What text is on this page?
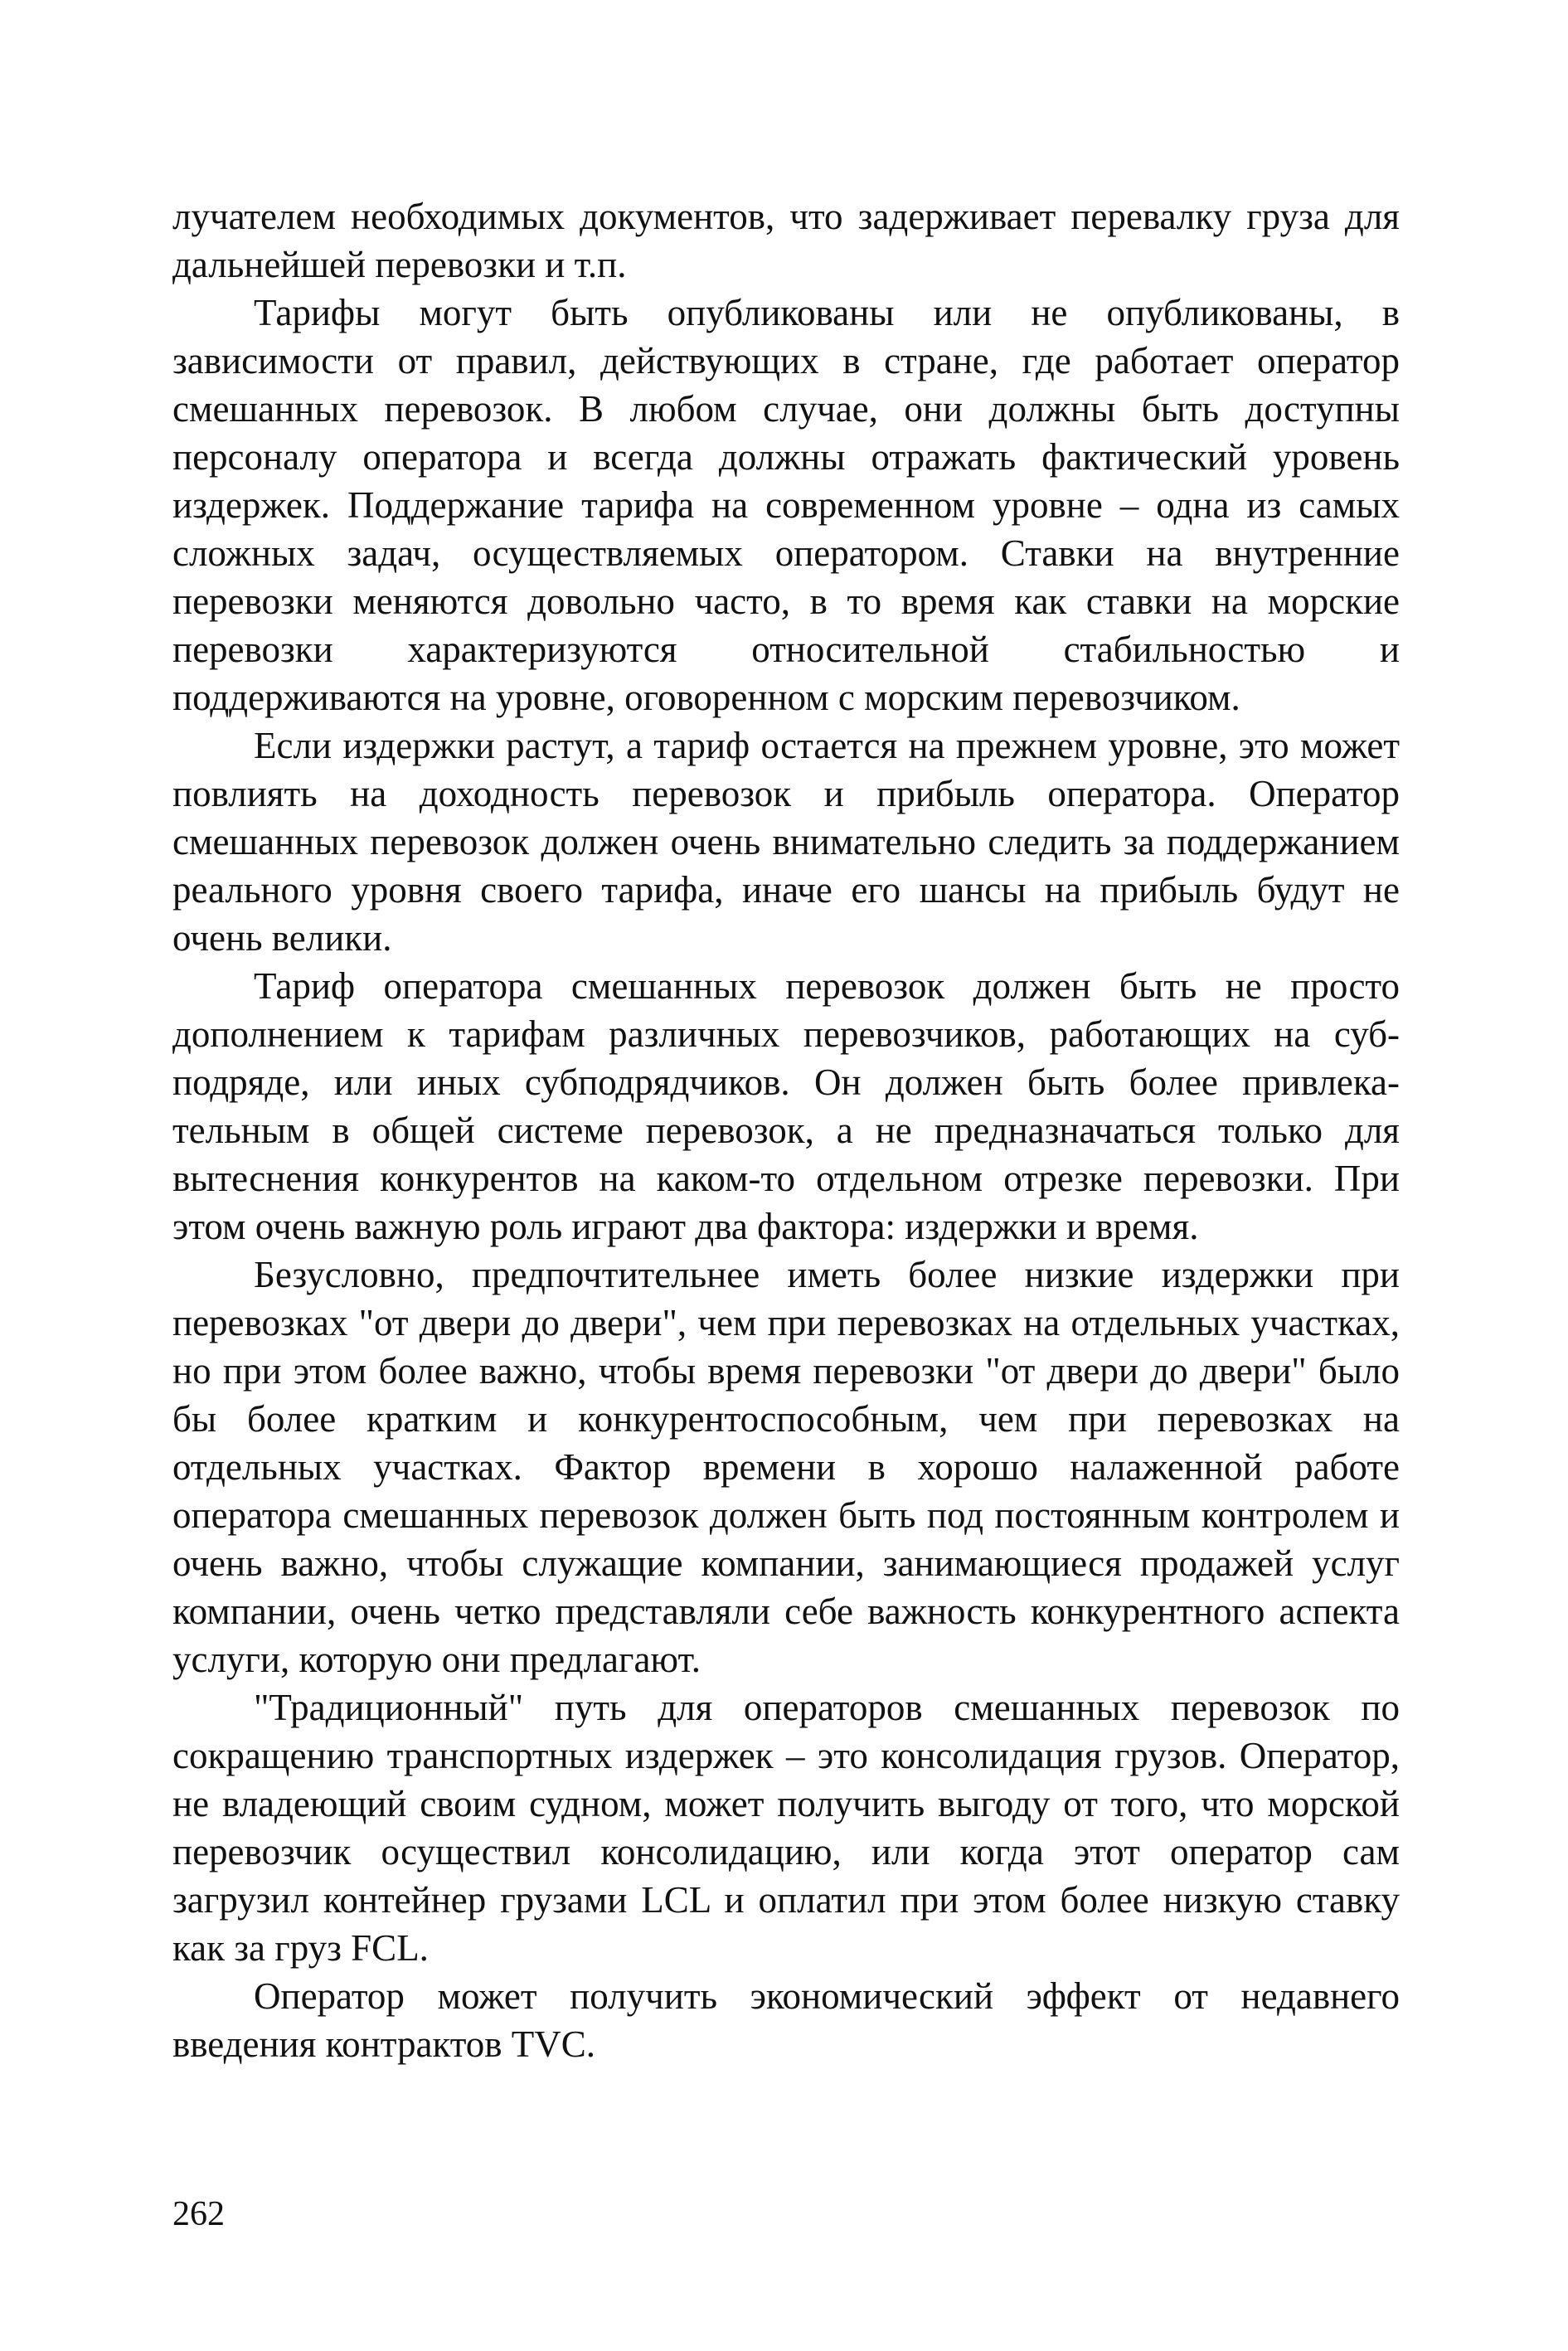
лучателем необходимых документов, что задерживает перевалку груза для дальнейшей перевозки и т.п.

Тарифы могут быть опубликованы или не опубликованы, в зависимости от правил, действующих в стране, где работает оператор смешанных перевозок. В любом случае, они должны быть доступны персоналу оператора и всегда должны отражать фактический уровень издержек. Поддержание тарифа на современном уровне – одна из самых сложных задач, осуществляемых оператором. Ставки на внутренние перевозки меняются довольно часто, в то время как ставки на морские перевозки характеризуются относительной стабильностью и поддерживаются на уровне, оговоренном с морским перевозчиком.

Если издержки растут, а тариф остается на прежнем уровне, это может повлиять на доходность перевозок и прибыль оператора. Оператор смешанных перевозок должен очень внимательно следить за поддержанием реального уровня своего тарифа, иначе его шансы на прибыль будут не очень велики.

Тариф оператора смешанных перевозок должен быть не просто дополнением к тарифам различных перевозчиков, работающих на суб-подряде, или иных субподрядчиков. Он должен быть более привлека-тельным в общей системе перевозок, а не предназначаться только для вытеснения конкурентов на каком-то отдельном отрезке перевозки. При этом очень важную роль играют два фактора: издержки и время.

Безусловно, предпочтительнее иметь более низкие издержки при перевозках "от двери до двери", чем при перевозках на отдельных участках, но при этом более важно, чтобы время перевозки "от двери до двери" было бы более кратким и конкурентоспособным, чем при перевозках на отдельных участках. Фактор времени в хорошо налаженной работе оператора смешанных перевозок должен быть под постоянным контролем и очень важно, чтобы служащие компании, занимающиеся продажей услуг компании, очень четко представляли себе важность конкурентного аспекта услуги, которую они предлагают.

"Традиционный" путь для операторов смешанных перевозок по сокращению транспортных издержек – это консолидация грузов. Оператор, не владеющий своим судном, может получить выгоду от того, что морской перевозчик осуществил консолидацию, или когда этот оператор сам загрузил контейнер грузами LCL и оплатил при этом более низкую ставку как за груз FCL.

Оператор может получить экономический эффект от недавнего введения контрактов TVC.

262
